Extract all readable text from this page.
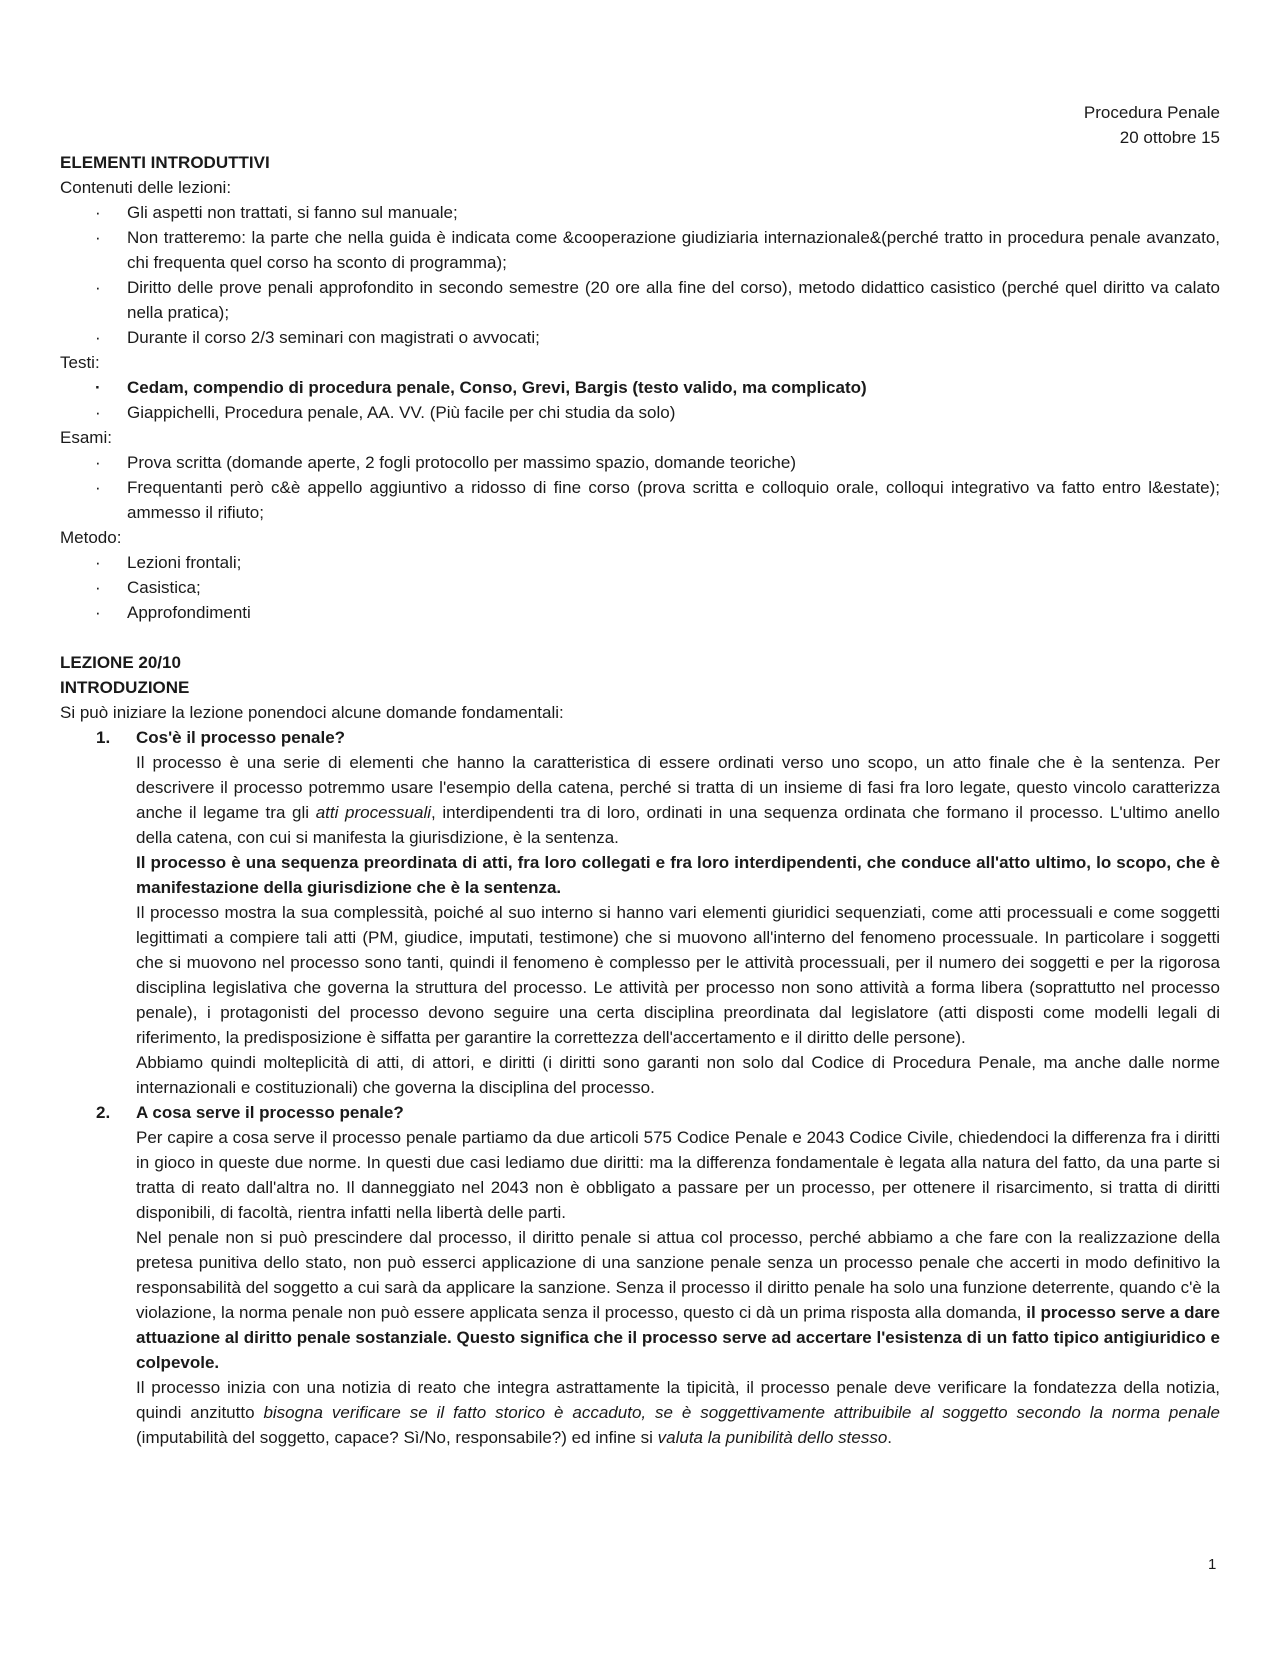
Procedura Penale
20 ottobre 15
ELEMENTI INTRODUTTIVI
Contenuti delle lezioni:
· Gli aspetti non trattati, si fanno sul manuale;
· Non tratteremo: la parte che nella guida è indicata come &cooperazione giudiziaria internazionale&(perché tratto in procedura penale avanzato, chi frequenta quel corso ha sconto di programma);
· Diritto delle prove penali approfondito in secondo semestre (20 ore alla fine del corso), metodo didattico casistico (perché quel diritto va calato nella pratica);
· Durante il corso 2/3 seminari con magistrati o avvocati;
Testi:
· Cedam, compendio di procedura penale, Conso, Grevi, Bargis (testo valido, ma complicato)
· Giappichelli, Procedura penale, AA. VV. (Più facile per chi studia da solo)
Esami:
· Prova scritta (domande aperte, 2 fogli protocollo per massimo spazio, domande teoriche)
· Frequentanti però c&è appello aggiuntivo a ridosso di fine corso (prova scritta e colloquio orale, colloqui integrativo va fatto entro l&estate); ammesso il rifiuto;
Metodo:
· Lezioni frontali;
· Casistica;
· Approfondimenti
LEZIONE 20/10
INTRODUZIONE
Si può iniziare la lezione ponendoci alcune domande fondamentali:
1. Cos'è il processo penale?
Il processo è una serie di elementi che hanno la caratteristica di essere ordinati verso uno scopo, un atto finale che è la sentenza. Per descrivere il processo potremmo usare l'esempio della catena, perché si tratta di un insieme di fasi fra loro legate, questo vincolo caratterizza anche il legame tra gli atti processuali, interdipendenti tra di loro, ordinati in una sequenza ordinata che formano il processo. L'ultimo anello della catena, con cui si manifesta la giurisdizione, è la sentenza.
Il processo è una sequenza preordinata di atti, fra loro collegati e fra loro interdipendenti, che conduce all'atto ultimo, lo scopo, che è manifestazione della giurisdizione che è la sentenza.
Il processo mostra la sua complessità, poiché al suo interno si hanno vari elementi giuridici sequenziati, come atti processuali e come soggetti legittimati a compiere tali atti (PM, giudice, imputati, testimone) che si muovono all'interno del fenomeno processuale. In particolare i soggetti che si muovono nel processo sono tanti, quindi il fenomeno è complesso per le attività processuali, per il numero dei soggetti e per la rigorosa disciplina legislativa che governa la struttura del processo. Le attività per processo non sono attività a forma libera (soprattutto nel processo penale), i protagonisti del processo devono seguire una certa disciplina preordinata dal legislatore (atti disposti come modelli legali di riferimento, la predisposizione è siffatta per garantire la correttezza dell'accertamento e il diritto delle persone).
Abbiamo quindi molteplicità di atti, di attori, e diritti (i diritti sono garanti non solo dal Codice di Procedura Penale, ma anche dalle norme internazionali e costituzionali) che governa la disciplina del processo.
2. A cosa serve il processo penale?
Per capire a cosa serve il processo penale partiamo da due articoli 575 Codice Penale e 2043 Codice Civile, chiedendoci la differenza fra i diritti in gioco in queste due norme. In questi due casi lediamo due diritti: ma la differenza fondamentale è legata alla natura del fatto, da una parte si tratta di reato dall'altra no. Il danneggiato nel 2043 non è obbligato a passare per un processo, per ottenere il risarcimento, si tratta di diritti disponibili, di facoltà, rientra infatti nella libertà delle parti.
Nel penale non si può prescindere dal processo, il diritto penale si attua col processo, perché abbiamo a che fare con la realizzazione della pretesa punitiva dello stato, non può esserci applicazione di una sanzione penale senza un processo penale che accerti in modo definitivo la responsabilità del soggetto a cui sarà da applicare la sanzione. Senza il processo il diritto penale ha solo una funzione deterrente, quando c'è la violazione, la norma penale non può essere applicata senza il processo, questo ci dà un prima risposta alla domanda, il processo serve a dare attuazione al diritto penale sostanziale. Questo significa che il processo serve ad accertare l'esistenza di un fatto tipico antigiuridico e colpevole.
Il processo inizia con una notizia di reato che integra astrattamente la tipicità, il processo penale deve verificare la fondatezza della notizia, quindi anzitutto bisogna verificare se il fatto storico è accaduto, se è soggettivamente attribuibile al soggetto secondo la norma penale (imputabilità del soggetto, capace? Sì/No, responsabile?) ed infine si valuta la punibilità dello stesso.
1
